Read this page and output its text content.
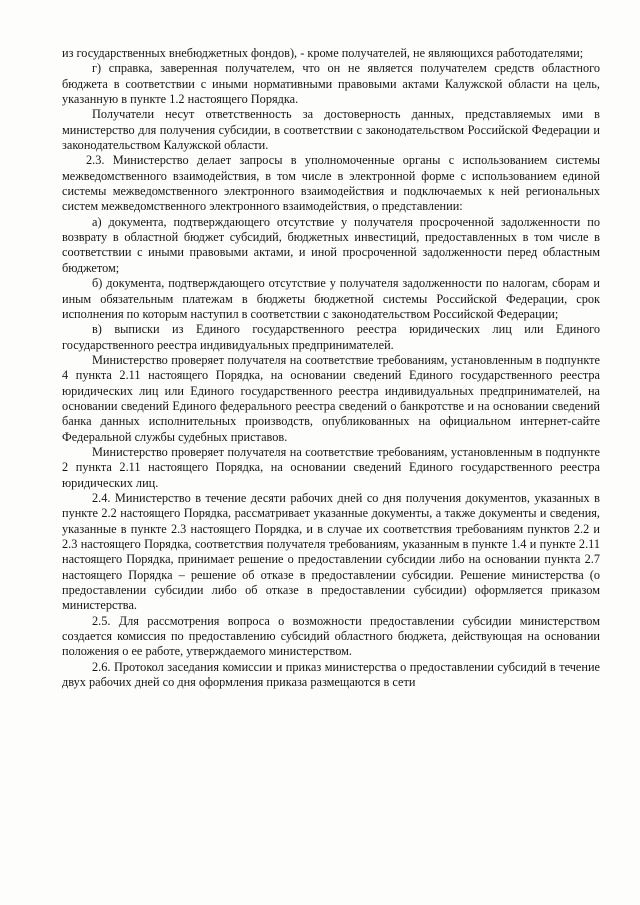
из государственных внебюджетных фондов), - кроме получателей, не являющихся работодателями;

г) справка, заверенная получателем, что он не является получателем средств областного бюджета в соответствии с иными нормативными правовыми актами Калужской области на цель, указанную в пункте 1.2 настоящего Порядка.

Получатели несут ответственность за достоверность данных, представляемых ими в министерство для получения субсидии, в соответствии с законодательством Российской Федерации и законодательством Калужской области.

2.3. Министерство делает запросы в уполномоченные органы с использованием системы межведомственного взаимодействия, в том числе в электронной форме с использованием единой системы межведомственного электронного взаимодействия и подключаемых к ней региональных систем межведомственного электронного взаимодействия, о представлении:

а) документа, подтверждающего отсутствие у получателя просроченной задолженности по возврату в областной бюджет субсидий, бюджетных инвестиций, предоставленных в том числе в соответствии с иными правовыми актами, и иной просроченной задолженности перед областным бюджетом;

б) документа, подтверждающего отсутствие у получателя задолженности по налогам, сборам и иным обязательным платежам в бюджеты бюджетной системы Российской Федерации, срок исполнения по которым наступил в соответствии с законодательством Российской Федерации;

в) выписки из Единого государственного реестра юридических лиц или Единого государственного реестра индивидуальных предпринимателей.

Министерство проверяет получателя на соответствие требованиям, установленным в подпункте 4 пункта 2.11 настоящего Порядка, на основании сведений Единого государственного реестра юридических лиц или Единого государственного реестра индивидуальных предпринимателей, на основании сведений Единого федерального реестра сведений о банкротстве и на основании сведений банка данных исполнительных производств, опубликованных на официальном интернет-сайте Федеральной службы судебных приставов.

Министерство проверяет получателя на соответствие требованиям, установленным в подпункте 2 пункта 2.11 настоящего Порядка, на основании сведений Единого государственного реестра юридических лиц.

2.4. Министерство в течение десяти рабочих дней со дня получения документов, указанных в пункте 2.2 настоящего Порядка, рассматривает указанные документы, а также документы и сведения, указанные в пункте 2.3 настоящего Порядка, и в случае их соответствия требованиям пунктов 2.2 и 2.3 настоящего Порядка, соответствия получателя требованиям, указанным в пункте 1.4 и пункте 2.11 настоящего Порядка, принимает решение о предоставлении субсидии либо на основании пункта 2.7 настоящего Порядка – решение об отказе в предоставлении субсидии. Решение министерства (о предоставлении субсидии либо об отказе в предоставлении субсидии) оформляется приказом министерства.

2.5. Для рассмотрения вопроса о возможности предоставлении субсидии министерством создается комиссия по предоставлению субсидий областного бюджета, действующая на основании положения о ее работе, утверждаемого министерством.

2.6. Протокол заседания комиссии и приказ министерства о предоставлении субсидий в течение двух рабочих дней со дня оформления приказа размещаются в сети
